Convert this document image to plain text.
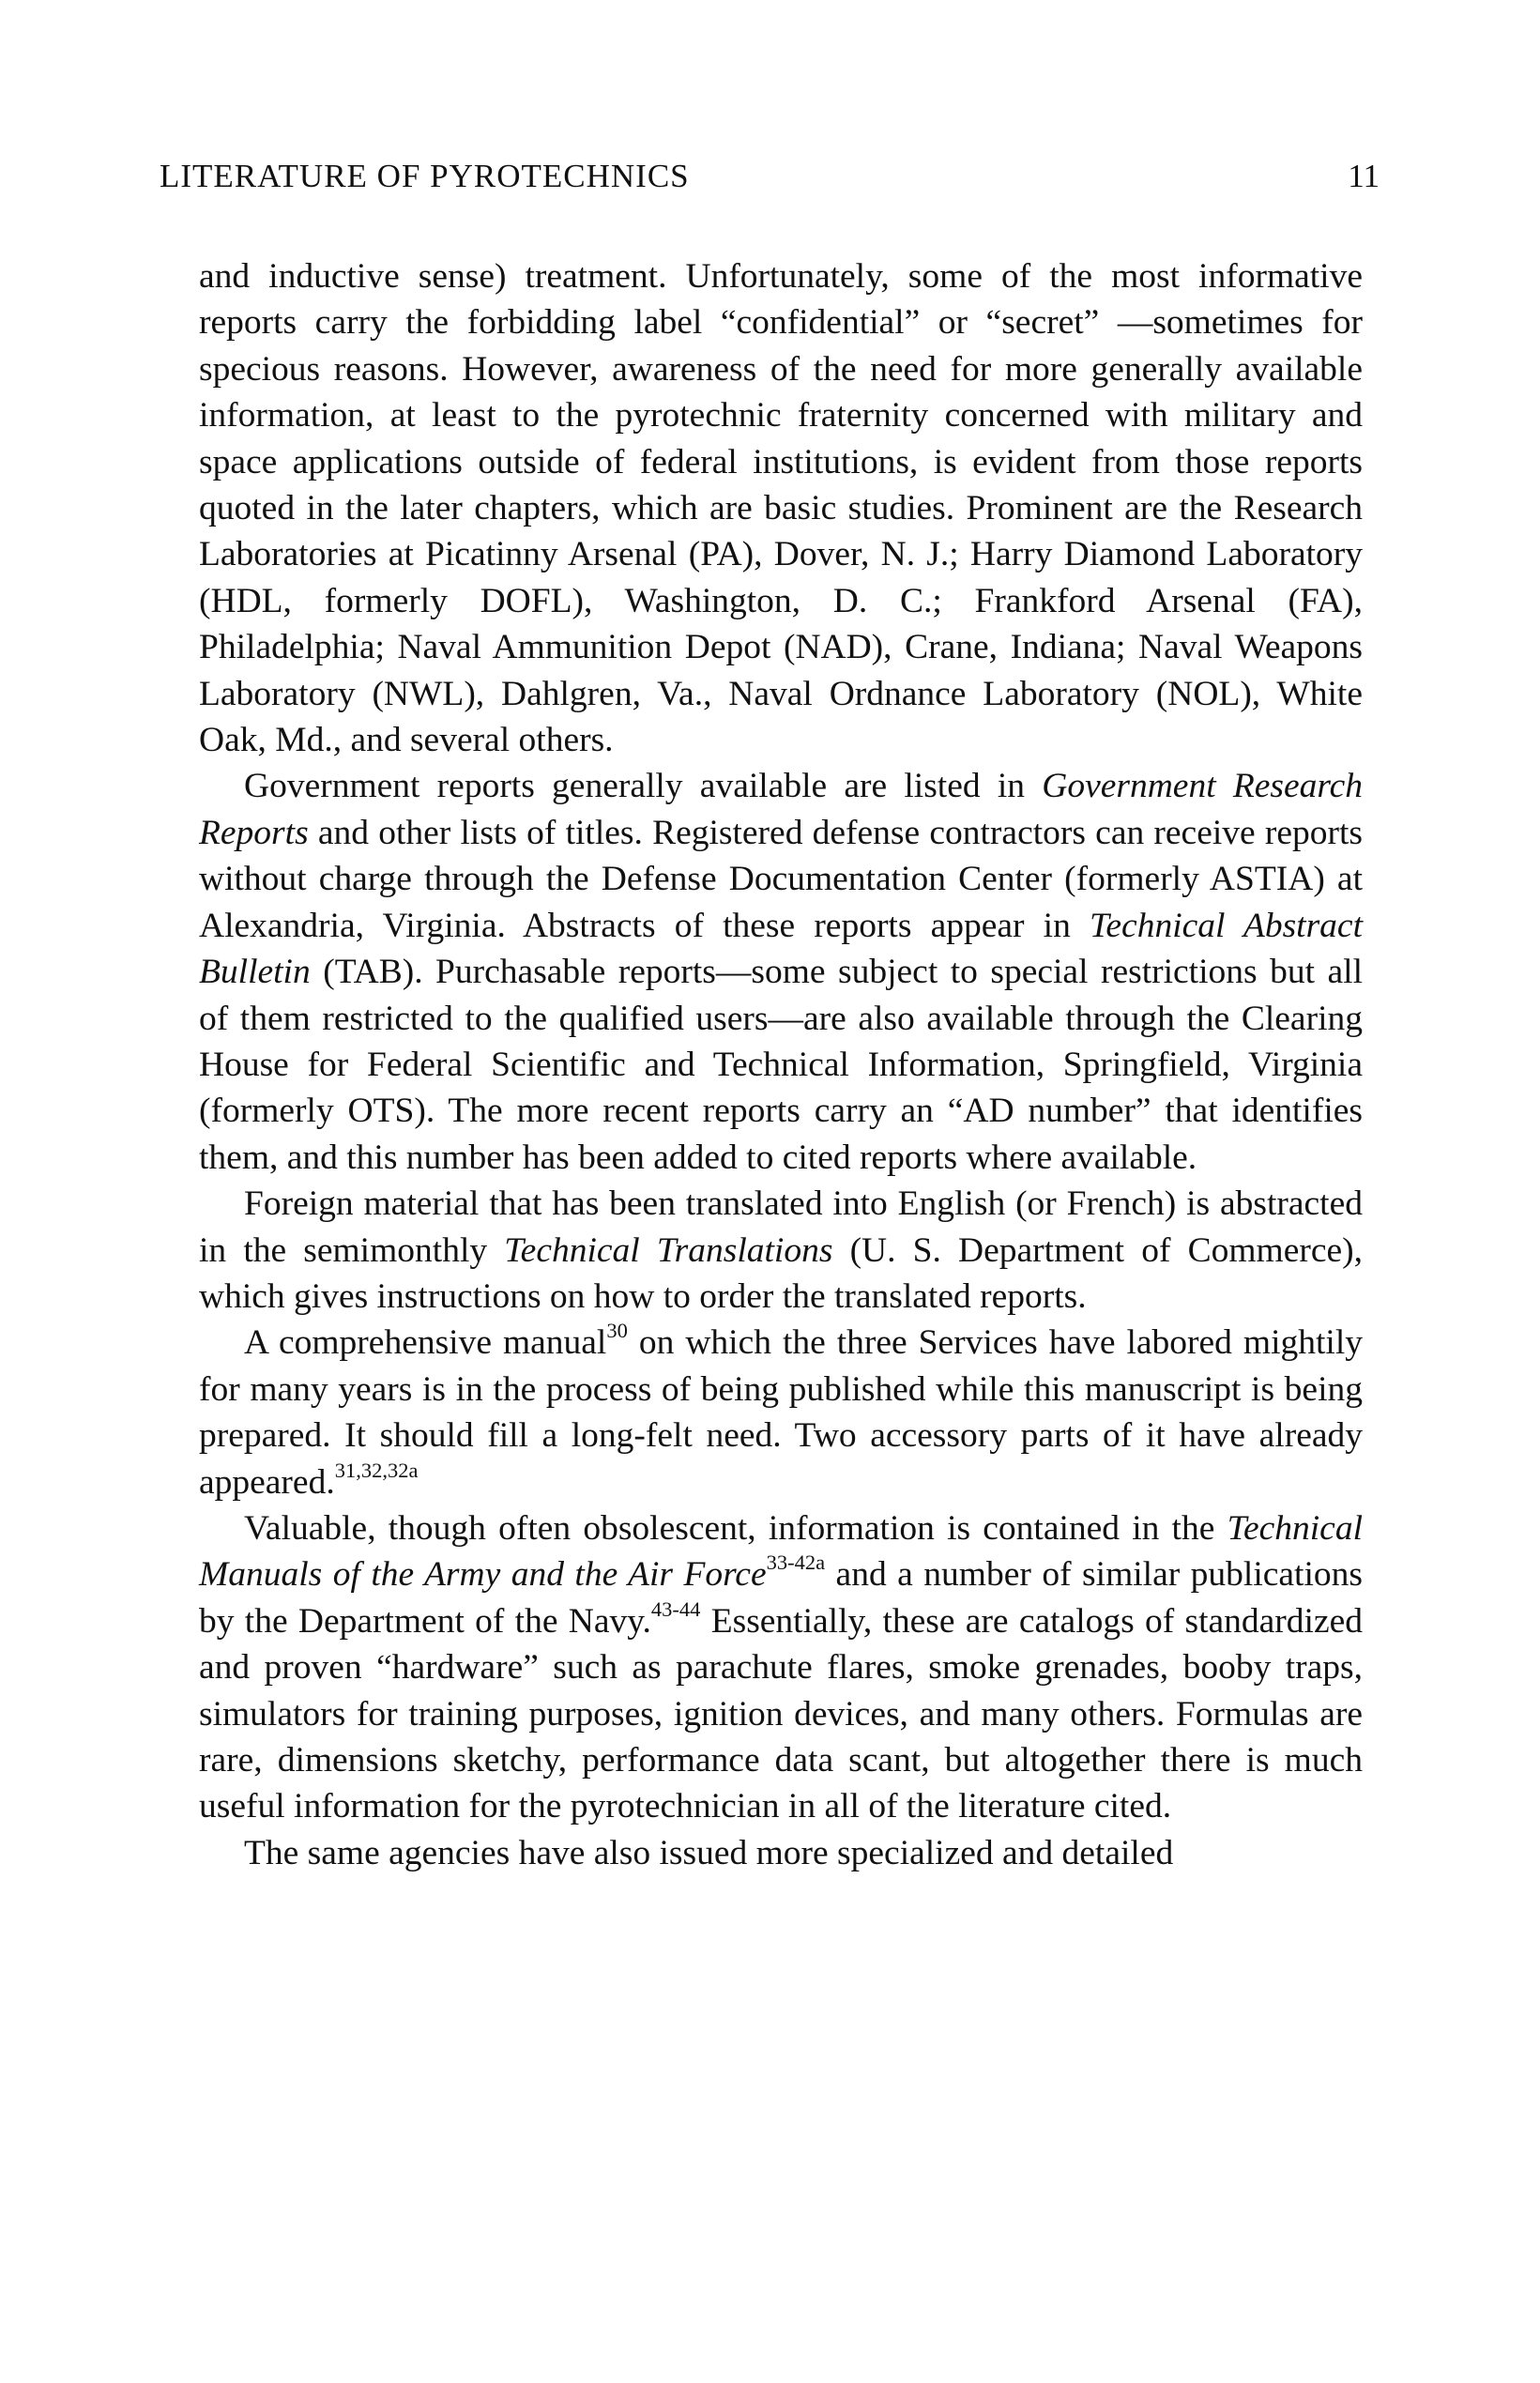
LITERATURE OF PYROTECHNICS	11

and inductive sense) treatment. Unfortunately, some of the most informative reports carry the forbidding label “confidential” or “secret” —sometimes for specious reasons. However, awareness of the need for more generally available information, at least to the pyrotechnic fraternity concerned with military and space applications outside of federal institutions, is evident from those reports quoted in the later chapters, which are basic studies. Prominent are the Research Laboratories at Picatinny Arsenal (PA), Dover, N. J.; Harry Diamond Laboratory (HDL, formerly DOFL), Washington, D. C.; Frankford Arsenal (FA), Philadelphia; Naval Ammunition Depot (NAD), Crane, Indiana; Naval Weapons Laboratory (NWL), Dahlgren, Va., Naval Ordnance Laboratory (NOL), White Oak, Md., and several others.

Government reports generally available are listed in Government Research Reports and other lists of titles. Registered defense contractors can receive reports without charge through the Defense Documentation Center (formerly ASTIA) at Alexandria, Virginia. Abstracts of these reports appear in Technical Abstract Bulletin (TAB). Purchasable reports—some subject to special restrictions but all of them restricted to the qualified users—are also available through the Clearing House for Federal Scientific and Technical Information, Springfield, Virginia (formerly OTS). The more recent reports carry an “AD number” that identifies them, and this number has been added to cited reports where available.

Foreign material that has been translated into English (or French) is abstracted in the semimonthly Technical Translations (U. S. Department of Commerce), which gives instructions on how to order the translated reports.

A comprehensive manual$^{30}$ on which the three Services have labored mightily for many years is in the process of being published while this manuscript is being prepared. It should fill a long-felt need. Two accessory parts of it have already appeared.$^{31,32,32a}$

Valuable, though often obsolescent, information is contained in the Technical Manuals of the Army and the Air Force$^{33-42a}$ and a number of similar publications by the Department of the Navy.$^{43-44}$ Essentially, these are catalogs of standardized and proven “hardware” such as parachute flares, smoke grenades, booby traps, simulators for training purposes, ignition devices, and many others. Formulas are rare, dimensions sketchy, performance data scant, but altogether there is much useful information for the pyrotechnician in all of the literature cited.

The same agencies have also issued more specialized and detailed
